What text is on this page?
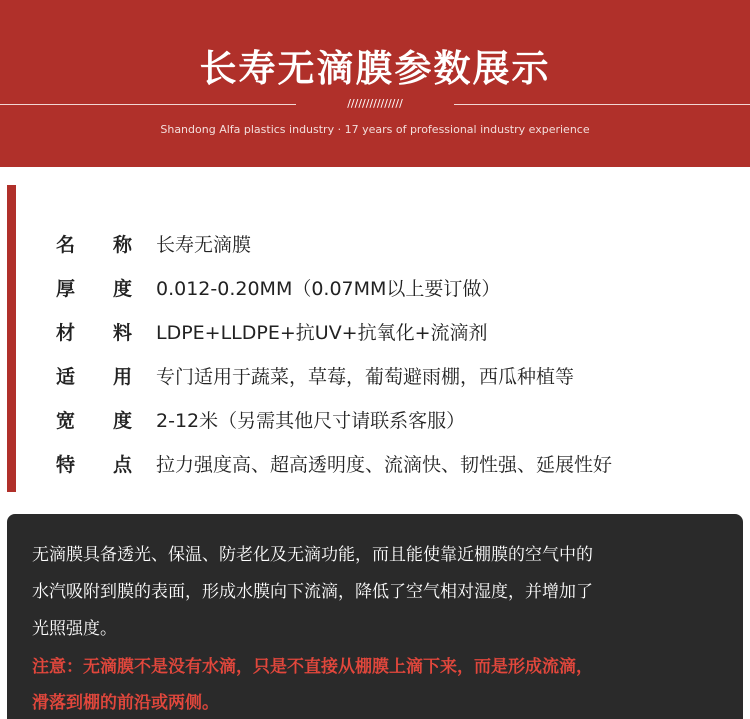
长寿无滴膜参数展示
///////////////
Shandong Alfa plastics industry · 17 years of professional industry experience
名 称 长寿无滴膜
厚 度 0.012-0.20MM（0.07MM以上要订做）
材 料 LDPE+LLDPE+抗UV+抗氧化+流滴剂
适 用 专门适用于蔬菜，草莓，葡萄避雨棚，西瓜种植等
宽 度 2-12米（另需其他尺寸请联系客服）
特 点 拉力强度高、超高透明度、流滴快、韧性强、延展性好
无滴膜具备透光、保温、防老化及无滴功能，而且能使靠近棚膜的空气中的
水汽吸附到膜的表面，形成水膜向下流滴，降低了空气相对湿度，并增加了
光照强度。
注意：无滴膜不是没有水滴，只是不直接从棚膜上滴下来，而是形成流滴，
滑落到棚的前沿或两侧。
